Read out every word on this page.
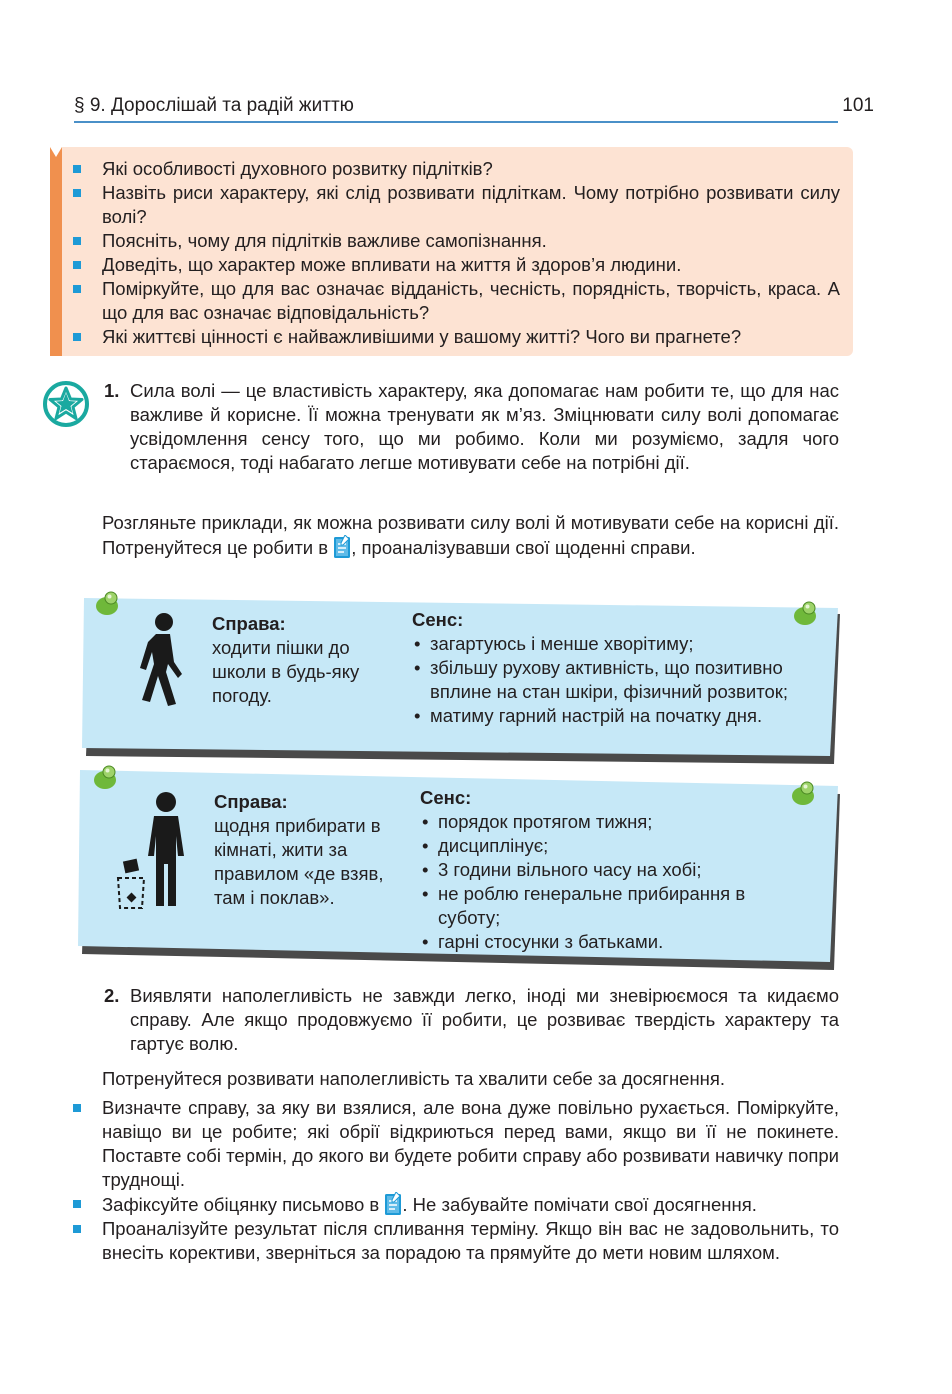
§ 9. Дорослішай та радій життю	101
Які особливості духовного розвитку підлітків?
Назвіть риси характеру, які слід розвивати підліткам. Чому потрібно розвивати силу волі?
Поясніть, чому для підлітків важливе самопізнання.
Доведіть, що характер може впливати на життя й здоров’я людини.
Поміркуйте, що для вас означає відданість, чесність, порядність, творчість, краса. А що для вас означає відповідальність?
Які життєві цінності є найважливішими у вашому житті? Чого ви прагнете?
1. Сила волі — це властивість характеру, яка допомагає нам робити те, що для нас важливе й корисне. Її можна тренувати як м’яз. Зміцнювати силу волі допомагає усвідомлення сенсу того, що ми робимо. Коли ми розуміємо, задля чого стараємося, тоді набагато легше мотивувати себе на потрібні дії.
Розгляньте приклади, як можна розвивати силу волі й мотивувати себе на корисні дії. Потренуйтеся це робити в , проаналізувавши свої щоденні справи.
Справа:
ходити пішки до школи в будь-яку погоду.
Сенс:
• загартуюсь і менше хворітиму;
• збільшу рухову активність, що позитивно вплине на стан шкіри, фізичний розвиток;
• матиму гарний настрій на початку дня.
Справа:
щодня прибирати в кімнаті, жити за правилом «де взяв, там і поклав».
Сенс:
• порядок протягом тижня;
• дисциплінує;
• 3 години вільного часу на хобі;
• не роблю генеральне прибирання в суботу;
• гарні стосунки з батьками.
2. Виявляти наполегливість не завжди легко, іноді ми зневірюємося та кидаємо справу. Але якщо продовжуємо її робити, це розвиває твердість характеру та гартує волю.
Потренуйтеся розвивати наполегливість та хвалити себе за досягнення.
Визначте справу, за яку ви взялися, але вона дуже повільно рухається. Поміркуйте, навіщо ви це робите; які обрії відкриються перед вами, якщо ви її не покинете. Поставте собі термін, до якого ви будете робити справу або розвивати навичку попри труднощі.
Зафіксуйте обіцянку письмово в . Не забувайте помічати свої досягнення.
Проаналізуйте результат після спливання терміну. Якщо він вас не задовольнить, то внесіть корективи, зверніться за порадою та прямуйте до мети новим шляхом.
